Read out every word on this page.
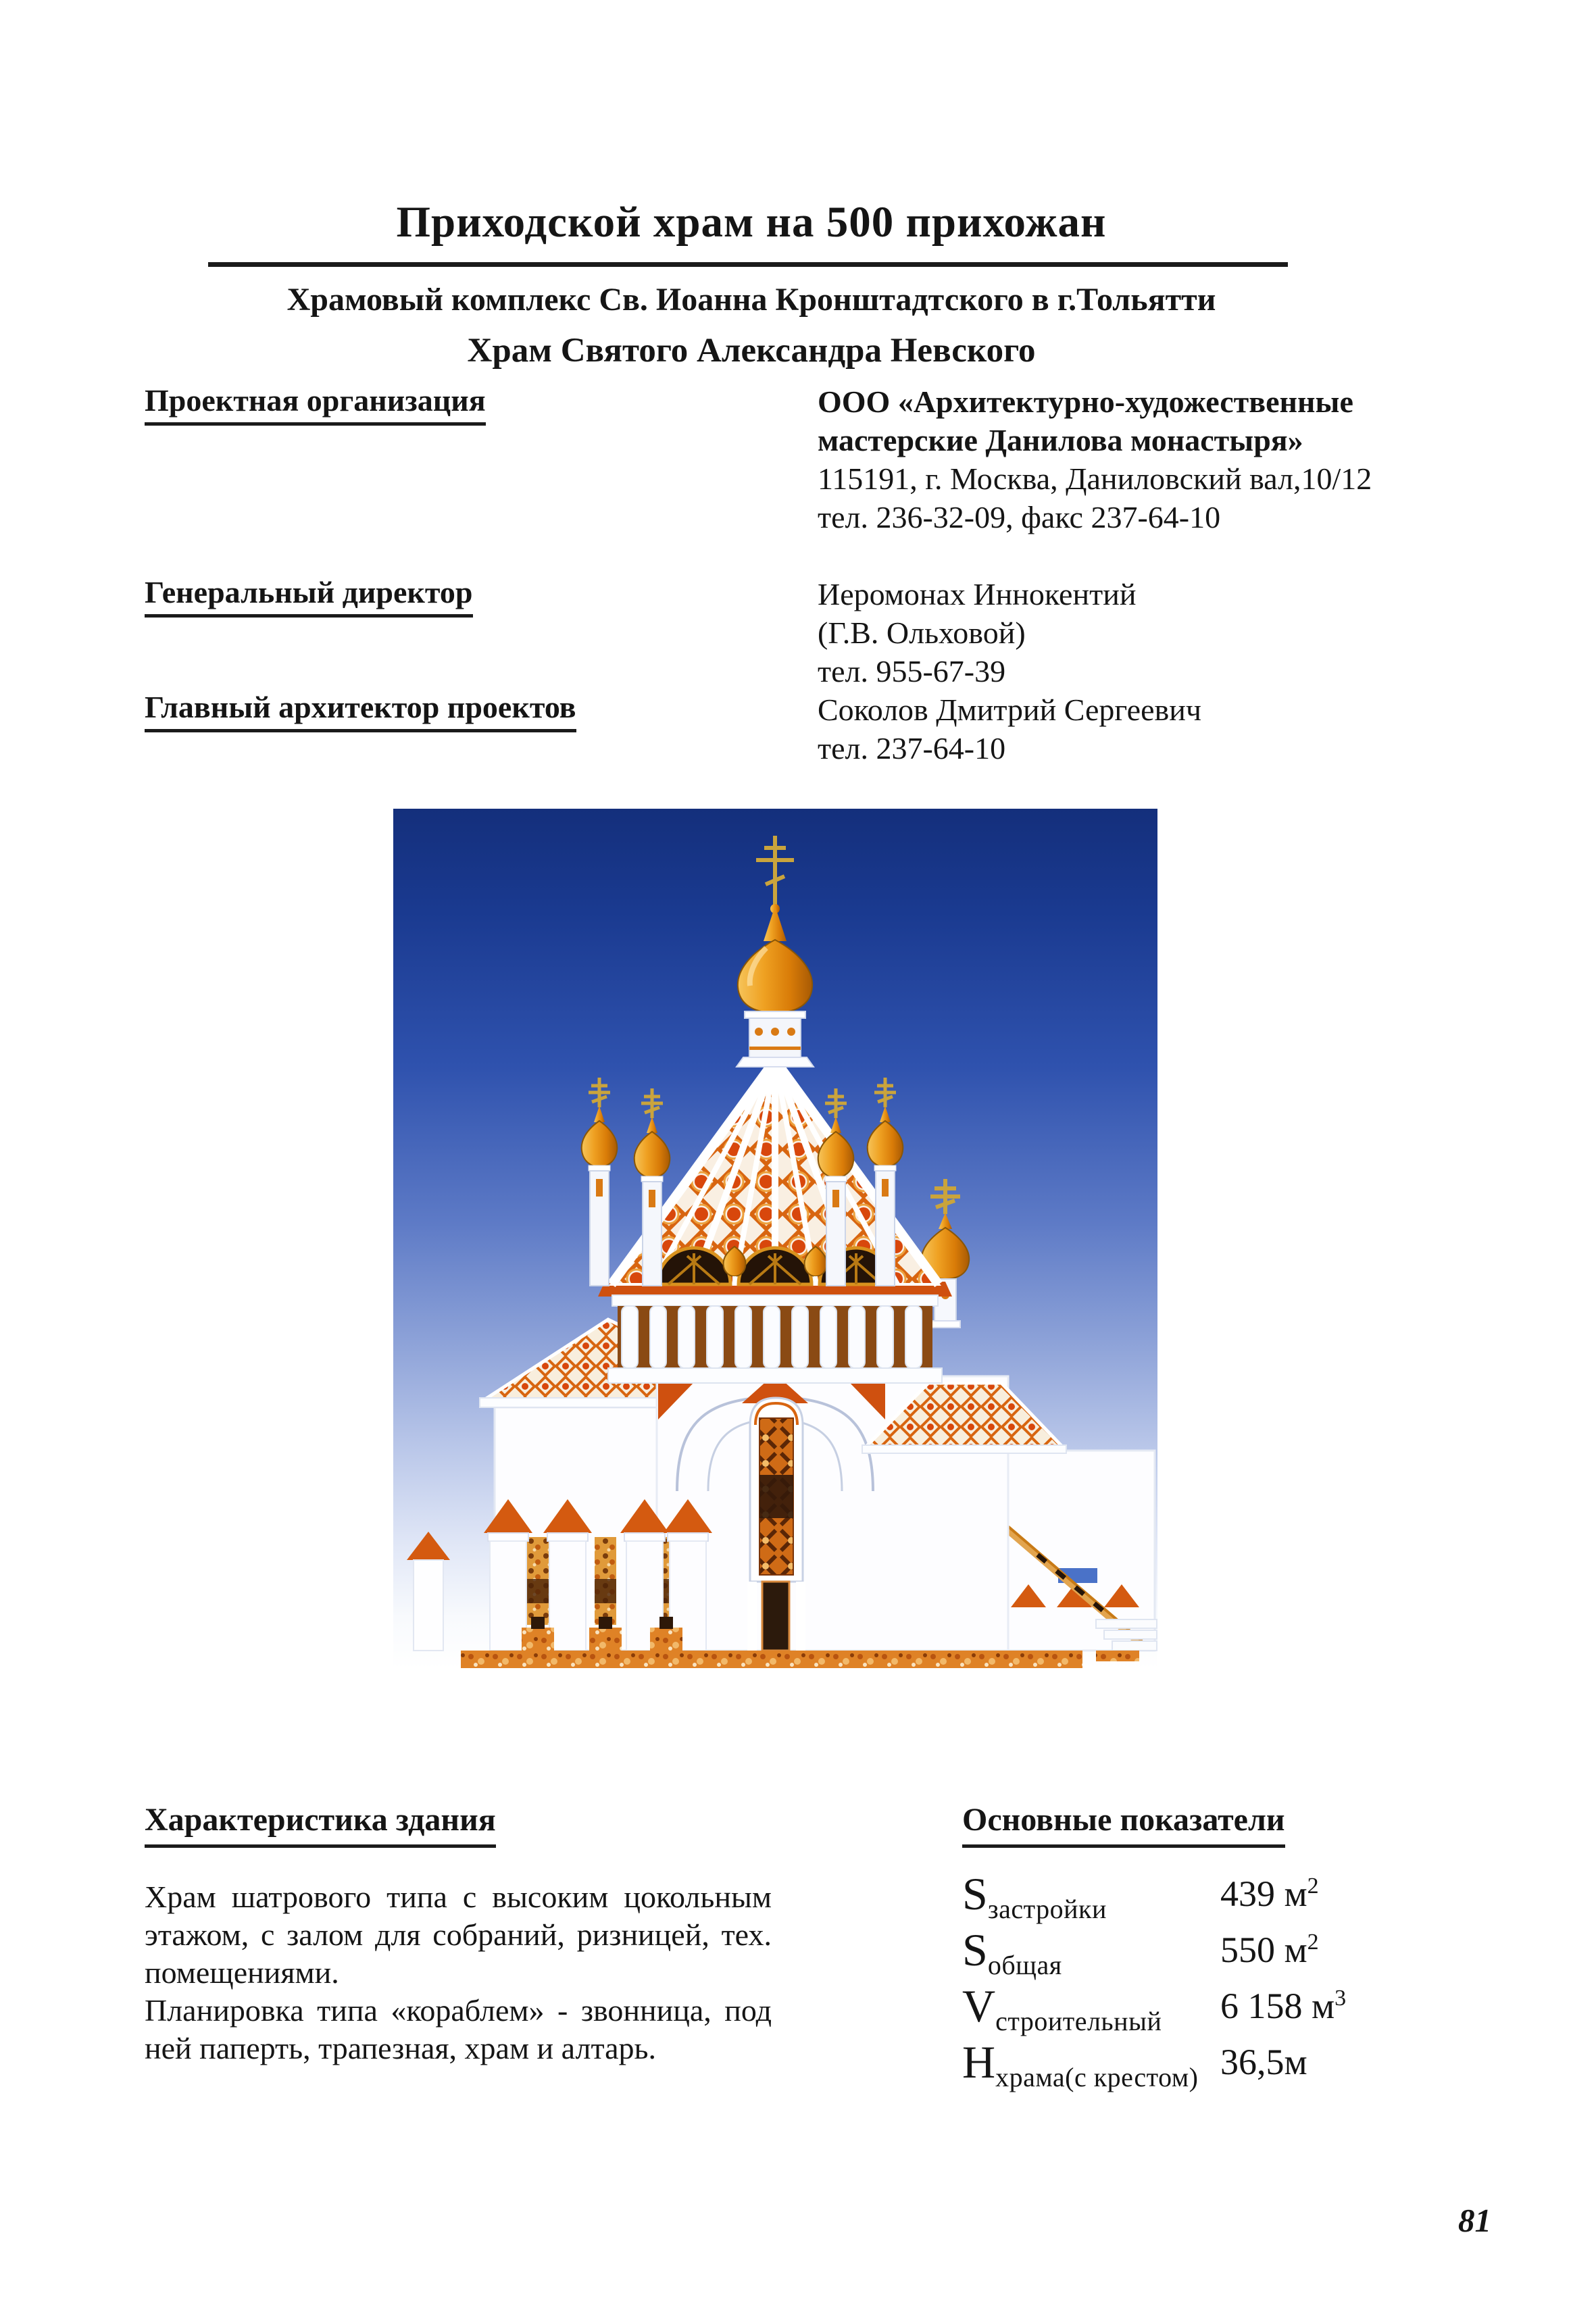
Приходской храм на 500 прихожан
Храмовый комплекс Св. Иоанна Кронштадтского в г.Тольятти
Храм Святого Александра Невского
Проектная организация
Генеральный директор
Главный архитектор проектов
ООО «Архитектурно-художественные
мастерские Данилова монастыря»
115191, г. Москва, Даниловский вал,10/12
тел. 236-32-09, факс 237-64-10
Иеромонах Иннокентий
(Г.В. Ольховой)
тел. 955-67-39
Соколов Дмитрий Сергеевич
тел. 237-64-10
Характеристика здания
Храм шатрового типа с высоким цокольным
этажом, с залом для собраний, ризницей, тех.
помещениями.
Планировка типа «кораблем» - звонница, под
ней паперть, трапезная, храм и алтарь.
Основные показатели
Sзастройки	439 $м^2$
Sобщая	550 $м^2$
Vстроительный 6 158 $м^3$
Нхрама(с крестом) 36,5м
81
